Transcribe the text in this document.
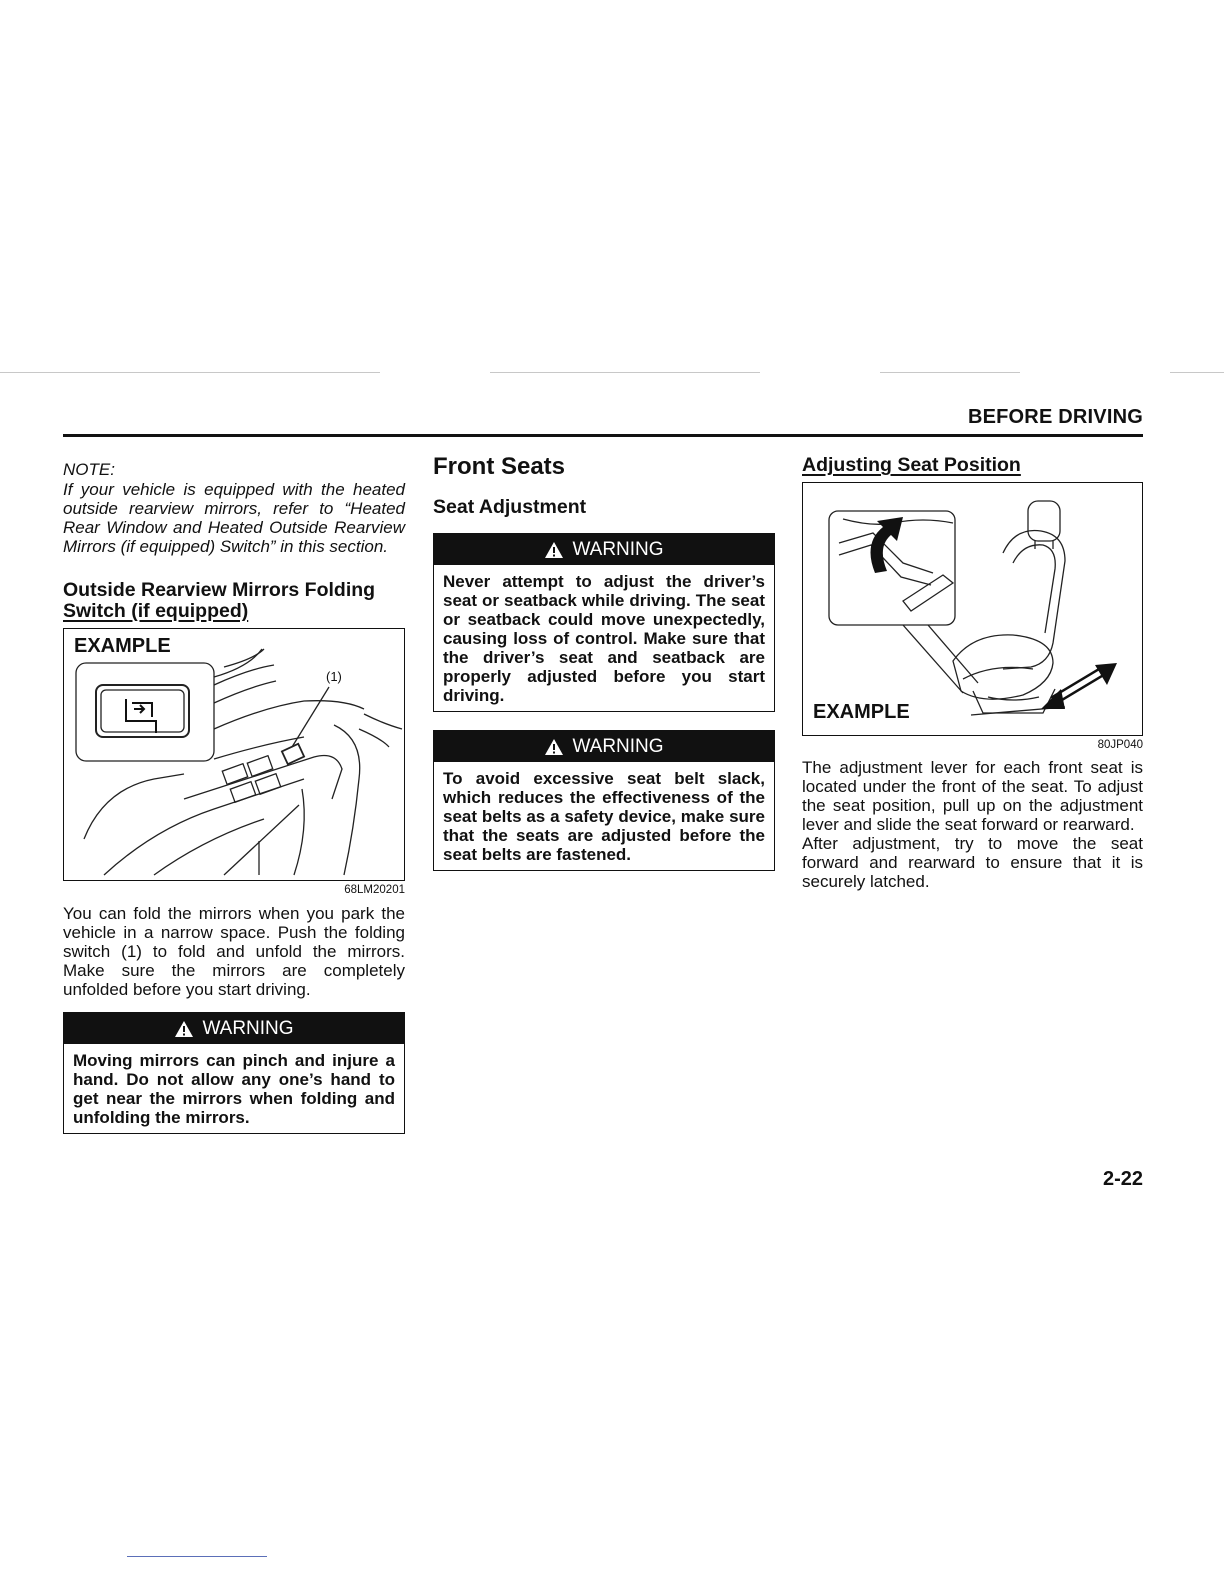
BEFORE DRIVING
NOTE:
If your vehicle is equipped with the heated outside rearview mirrors, refer to “Heated Rear Window and Heated Outside Rearview Mirrors (if equipped) Switch” in this section.
Outside Rearview Mirrors Folding
Switch (if equipped)
EXAMPLE
(1)
68LM20201
You can fold the mirrors when you park the vehicle in a narrow space. Push the folding switch (1) to fold and unfold the mirrors. Make sure the mirrors are completely unfolded before you start driving.
WARNING
Moving mirrors can pinch and injure a hand. Do not allow any one’s hand to get near the mirrors when folding and unfolding the mirrors.
Front Seats
Seat Adjustment
WARNING
Never attempt to adjust the driver’s seat or seatback while driving. The seat or seatback could move unexpectedly, causing loss of control. Make sure that the driver’s seat and seatback are properly adjusted before you start driving.
WARNING
To avoid excessive seat belt slack, which reduces the effectiveness of the seat belts as a safety device, make sure that the seats are adjusted before the seat belts are fastened.
Adjusting Seat Position
EXAMPLE
80JP040
The adjustment lever for each front seat is located under the front of the seat. To adjust the seat position, pull up on the adjustment lever and slide the seat forward or rearward.
After adjustment, try to move the seat forward and rearward to ensure that it is securely latched.
2-22
